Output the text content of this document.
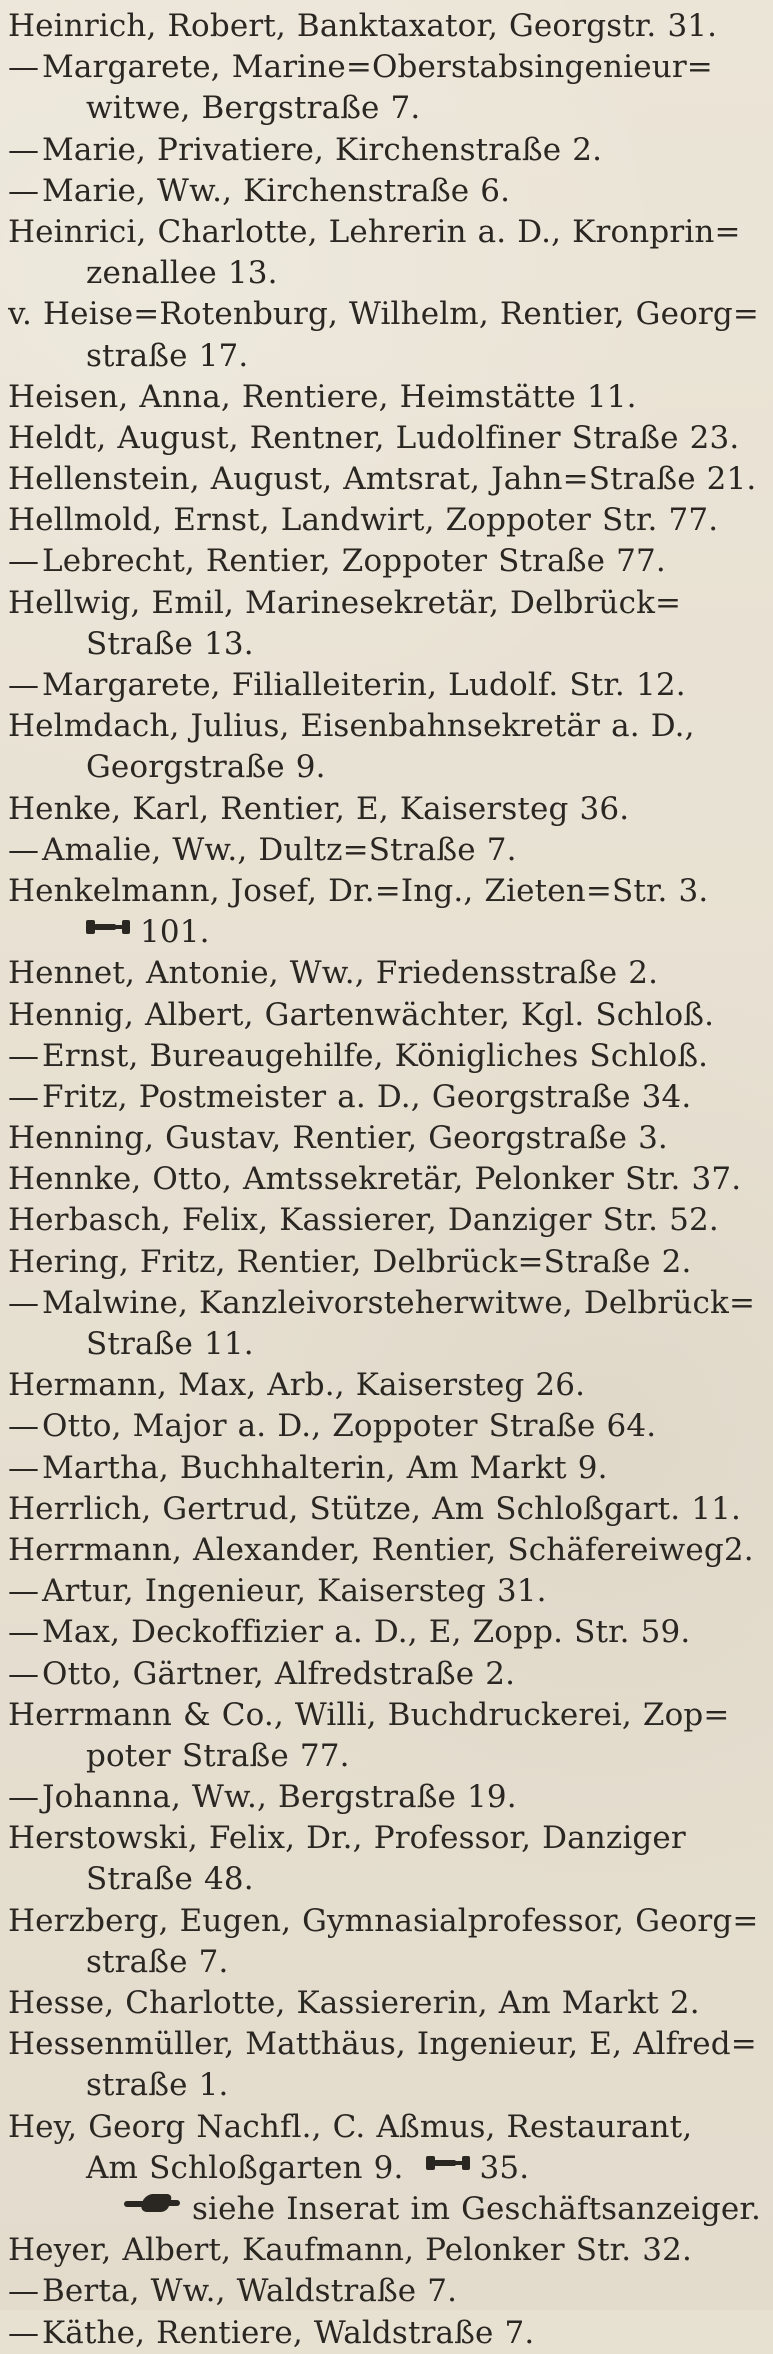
Heinrich, Robert, Banktaxator, Georgstr. 31.
—Margarete, Marine=Oberstabsingenieur=
witwe, Bergstraße 7.
—Marie, Privatiere, Kirchenstraße 2.
—Marie, Ww., Kirchenstraße 6.
Heinrici, Charlotte, Lehrerin a. D., Kronprin=
zenallee 13.
v. Heise=Rotenburg, Wilhelm, Rentier, Georg=
straße 17.
Heisen, Anna, Rentiere, Heimstätte 11.
Heldt, August, Rentner, Ludolfiner Straße 23.
Hellenstein, August, Amtsrat, Jahn=Straße 21.
Hellmold, Ernst, Landwirt, Zoppoter Str. 77.
—Lebrecht, Rentier, Zoppoter Straße 77.
Hellwig, Emil, Marinesekretär, Delbrück=
Straße 13.
—Margarete, Filialleiterin, Ludolf. Str. 12.
Helmdach, Julius, Eisenbahnsekretär a. D.,
Georgstraße 9.
Henke, Karl, Rentier, E, Kaisersteg 36.
—Amalie, Ww., Dultz=Straße 7.
Henkelmann, Josef, Dr.=Ing., Zieten=Str. 3.
101.
Hennet, Antonie, Ww., Friedensstraße 2.
Hennig, Albert, Gartenwächter, Kgl. Schloß.
—Ernst, Bureaugehilfe, Königliches Schloß.
—Fritz, Postmeister a. D., Georgstraße 34.
Henning, Gustav, Rentier, Georgstraße 3.
Hennke, Otto, Amtssekretär, Pelonker Str. 37.
Herbasch, Felix, Kassierer, Danziger Str. 52.
Hering, Fritz, Rentier, Delbrück=Straße 2.
—Malwine, Kanzleivorsteherwitwe, Delbrück=
Straße 11.
Hermann, Max, Arb., Kaisersteg 26.
—Otto, Major a. D., Zoppoter Straße 64.
—Martha, Buchhalterin, Am Markt 9.
Herrlich, Gertrud, Stütze, Am Schloßgart. 11.
Herrmann, Alexander, Rentier, Schäfereiweg2.
—Artur, Ingenieur, Kaisersteg 31.
—Max, Deckoffizier a. D., E, Zopp. Str. 59.
—Otto, Gärtner, Alfredstraße 2.
Herrmann & Co., Willi, Buchdruckerei, Zop=
poter Straße 77.
—Johanna, Ww., Bergstraße 19.
Herstowski, Felix, Dr., Professor, Danziger
Straße 48.
Herzberg, Eugen, Gymnasialprofessor, Georg=
straße 7.
Hesse, Charlotte, Kassiererin, Am Markt 2.
Hessenmüller, Matthäus, Ingenieur, E, Alfred=
straße 1.
Hey, Georg Nachfl., C. Aßmus, Restaurant,
Am Schloßgarten 9. 35.
siehe Inserat im Geschäftsanzeiger.
Heyer, Albert, Kaufmann, Pelonker Str. 32.
—Berta, Ww., Waldstraße 7.
—Käthe, Rentiere, Waldstraße 7.
